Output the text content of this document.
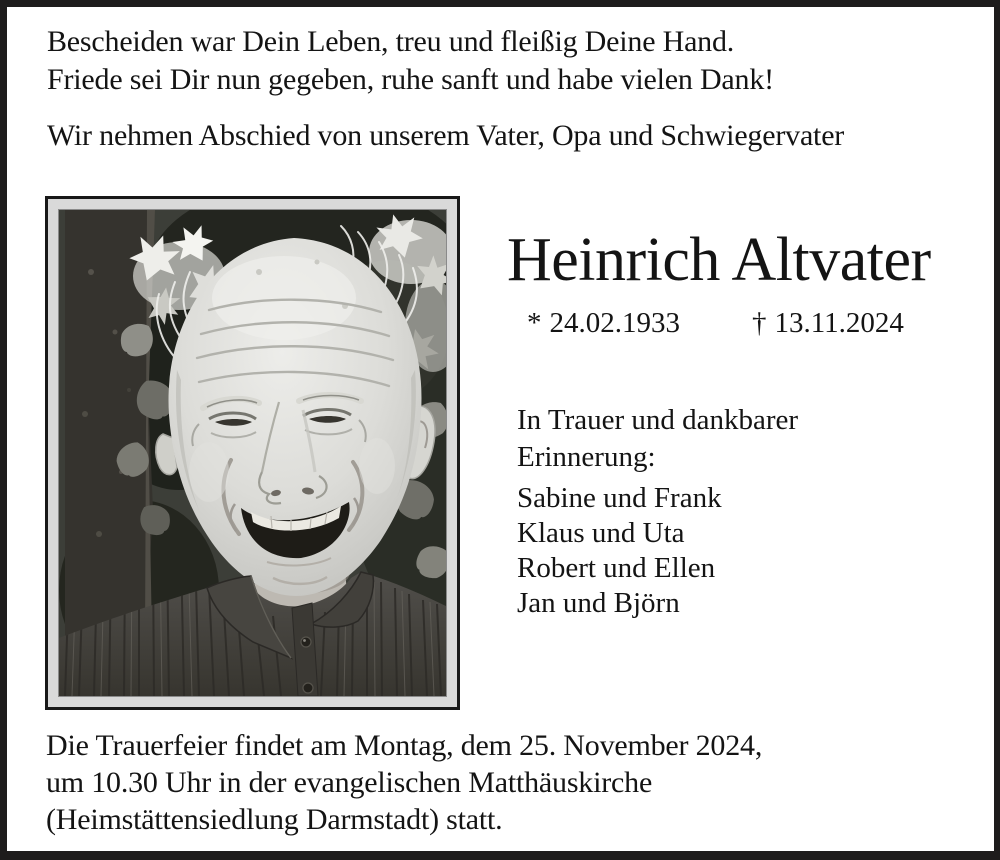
Bescheiden war Dein Leben, treu und fleißig Deine Hand.
Friede sei Dir nun gegeben, ruhe sanft und habe vielen Dank!
Wir nehmen Abschied von unserem Vater, Opa und Schwiegervater
Heinrich Altvater
* 24.02.1933 † 13.11.2024
In Trauer und dankbarer
Erinnerung:
Sabine und Frank
Klaus und Uta
Robert und Ellen
Jan und Björn
Die Trauerfeier findet am Montag, dem 25. November 2024,
um 10.30 Uhr in der evangelischen Matthäuskirche
(Heimstättensiedlung Darmstadt) statt.
